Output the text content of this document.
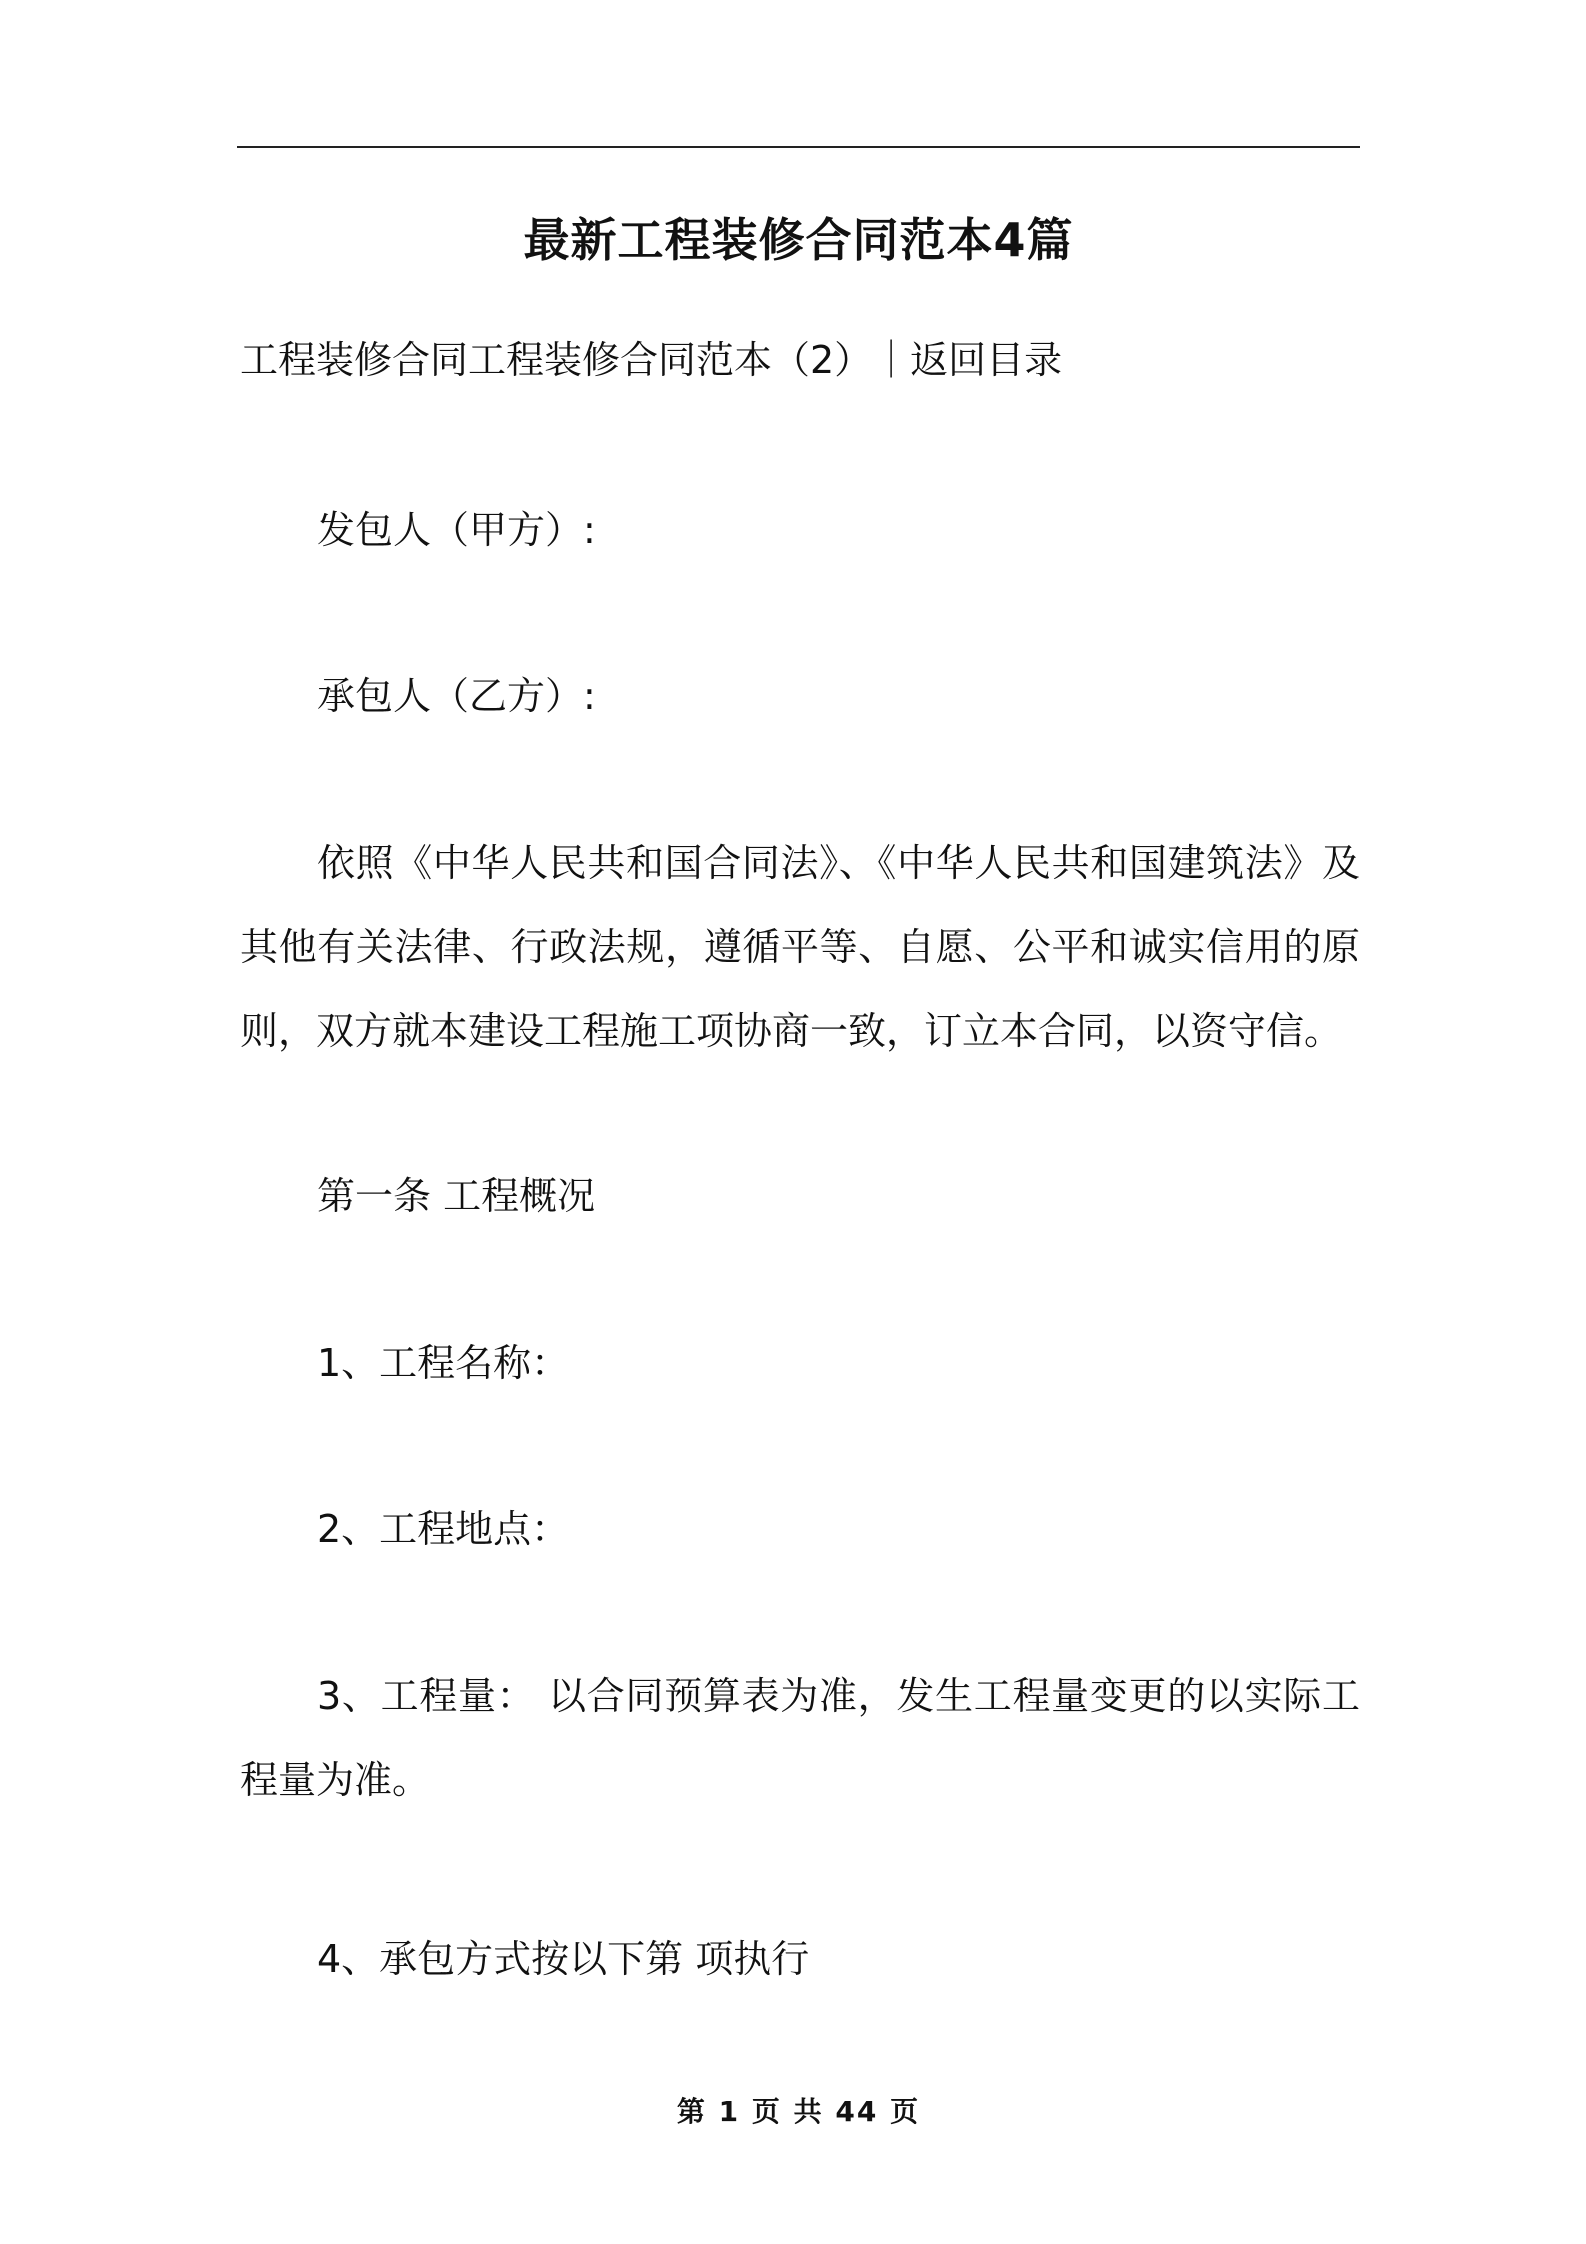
最新工程装修合同范本4篇
工程装修合同工程装修合同范本（2）｜返回目录
发包人（甲方）:
承包人（乙方）:
依照《中华人民共和国合同法》、《中华人民共和国建筑法》及其他有关法律、行政法规，遵循平等、自愿、公平和诚实信用的原则，双方就本建设工程施工项协商一致，订立本合同，以资守信。
第一条 工程概况
1、工程名称：
2、工程地点：
3、工程量： 以合同预算表为准，发生工程量变更的以实际工程量为准。
4、承包方式按以下第 项执行
第 1 页 共 44 页
